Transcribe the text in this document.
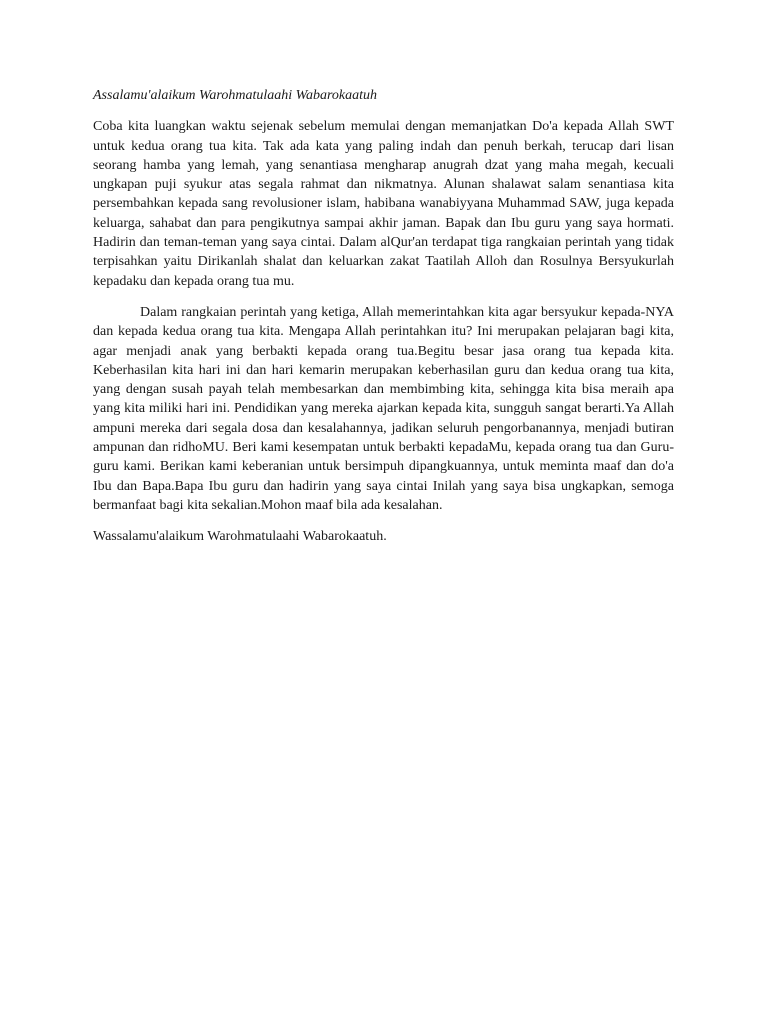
Assalamu'alaikum Warohmatulaahi Wabarokaatuh

Coba kita luangkan waktu sejenak sebelum memulai dengan memanjatkan Do'a kepada Allah SWT untuk kedua orang tua kita. Tak ada kata yang paling indah dan penuh berkah, terucap dari lisan seorang hamba yang lemah, yang senantiasa mengharap anugrah dzat yang maha megah, kecuali ungkapan puji syukur atas segala rahmat dan nikmatnya. Alunan shalawat salam senantiasa kita persembahkan kepada sang revolusioner islam, habibana wanabiyyana Muhammad SAW, juga kepada keluarga, sahabat dan para pengikutnya sampai akhir jaman. Bapak dan Ibu guru yang saya hormati. Hadirin dan teman-teman yang saya cintai. Dalam alQur'an terdapat tiga rangkaian perintah yang tidak terpisahkan yaitu Dirikanlah shalat dan keluarkan zakat Taatilah Alloh dan Rosulnya Bersyukurlah kepadaku dan kepada orang tua mu.

Dalam rangkaian perintah yang ketiga, Allah memerintahkan kita agar bersyukur kepada-NYA dan kepada kedua orang tua kita. Mengapa Allah perintahkan itu? Ini merupakan pelajaran bagi kita, agar menjadi anak yang berbakti kepada orang tua.Begitu besar jasa orang tua kepada kita. Keberhasilan kita hari ini dan hari kemarin merupakan keberhasilan guru dan kedua orang tua kita, yang dengan susah payah telah membesarkan dan membimbing kita, sehingga kita bisa meraih apa yang kita miliki hari ini. Pendidikan yang mereka ajarkan kepada kita, sungguh sangat berarti.Ya Allah ampuni mereka dari segala dosa dan kesalahannya, jadikan seluruh pengorbanannya, menjadi butiran ampunan dan ridhoMU. Beri kami kesempatan untuk berbakti kepadaMu, kepada orang tua dan Guru-guru kami. Berikan kami keberanian untuk bersimpuh dipangkuannya, untuk meminta maaf dan do'a Ibu dan Bapa.Bapa Ibu guru dan hadirin yang saya cintai Inilah yang saya bisa ungkapkan, semoga bermanfaat bagi kita sekalian.Mohon maaf bila ada kesalahan.

Wassalamu'alaikum Warohmatulaahi Wabarokaatuh.
